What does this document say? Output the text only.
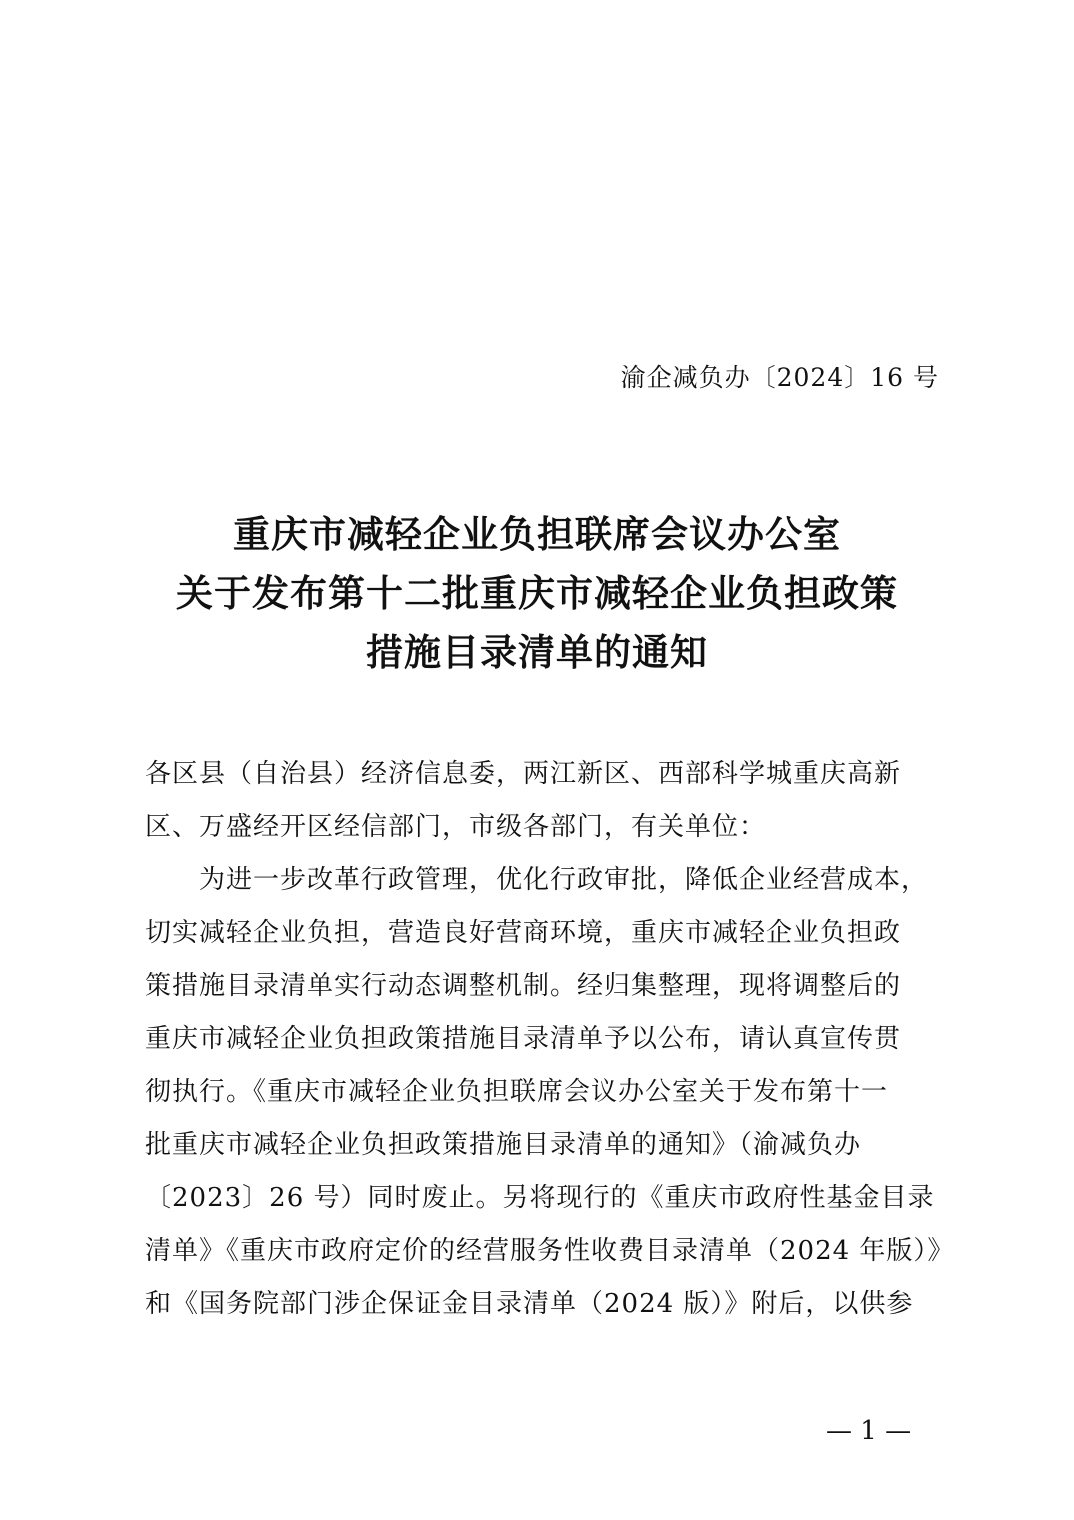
渝企减负办〔2024〕16 号
重庆市减轻企业负担联席会议办公室
关于发布第十二批重庆市减轻企业负担政策
措施目录清单的通知
各区县（自治县）经济信息委，两江新区、西部科学城重庆高新
区、万盛经开区经信部门，市级各部门，有关单位：
　　为进一步改革行政管理，优化行政审批，降低企业经营成本，
切实减轻企业负担，营造良好营商环境，重庆市减轻企业负担政
策措施目录清单实行动态调整机制。经归集整理，现将调整后的
重庆市减轻企业负担政策措施目录清单予以公布，请认真宣传贯
彻执行。《重庆市减轻企业负担联席会议办公室关于发布第十一
批重庆市减轻企业负担政策措施目录清单的通知》（渝减负办
〔2023〕26 号）同时废止。另将现行的《重庆市政府性基金目录
清单》《重庆市政府定价的经营服务性收费目录清单（2024 年版）》
和《国务院部门涉企保证金目录清单（2024 版）》附后，以供参
— 1 —
